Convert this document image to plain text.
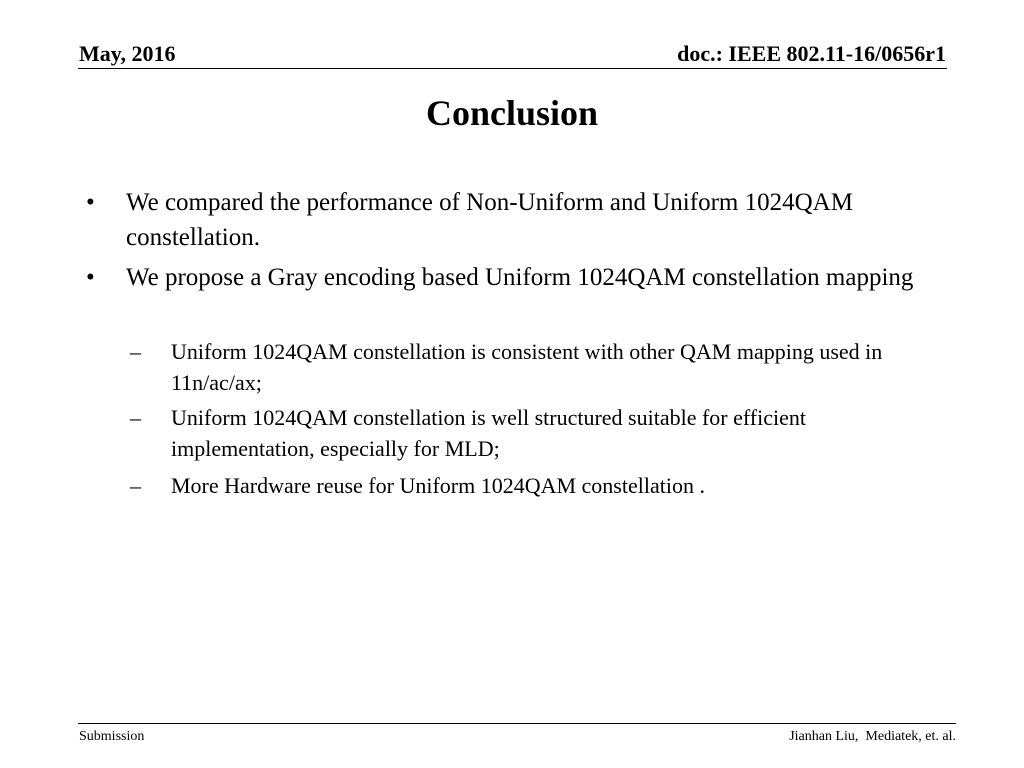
May, 2016	doc.: IEEE 802.11-16/0656r1
Conclusion
•	We compared the performance of Non-Uniform and Uniform 1024QAM constellation.
•	We propose a Gray encoding based Uniform 1024QAM constellation mapping
–	Uniform 1024QAM constellation is consistent with other QAM mapping used in 11n/ac/ax;
–	Uniform 1024QAM constellation is well structured suitable for efficient implementation, especially for MLD;
–	More Hardware reuse for Uniform 1024QAM constellation .
Submission	Jianhan Liu,  Mediatek, et. al.
